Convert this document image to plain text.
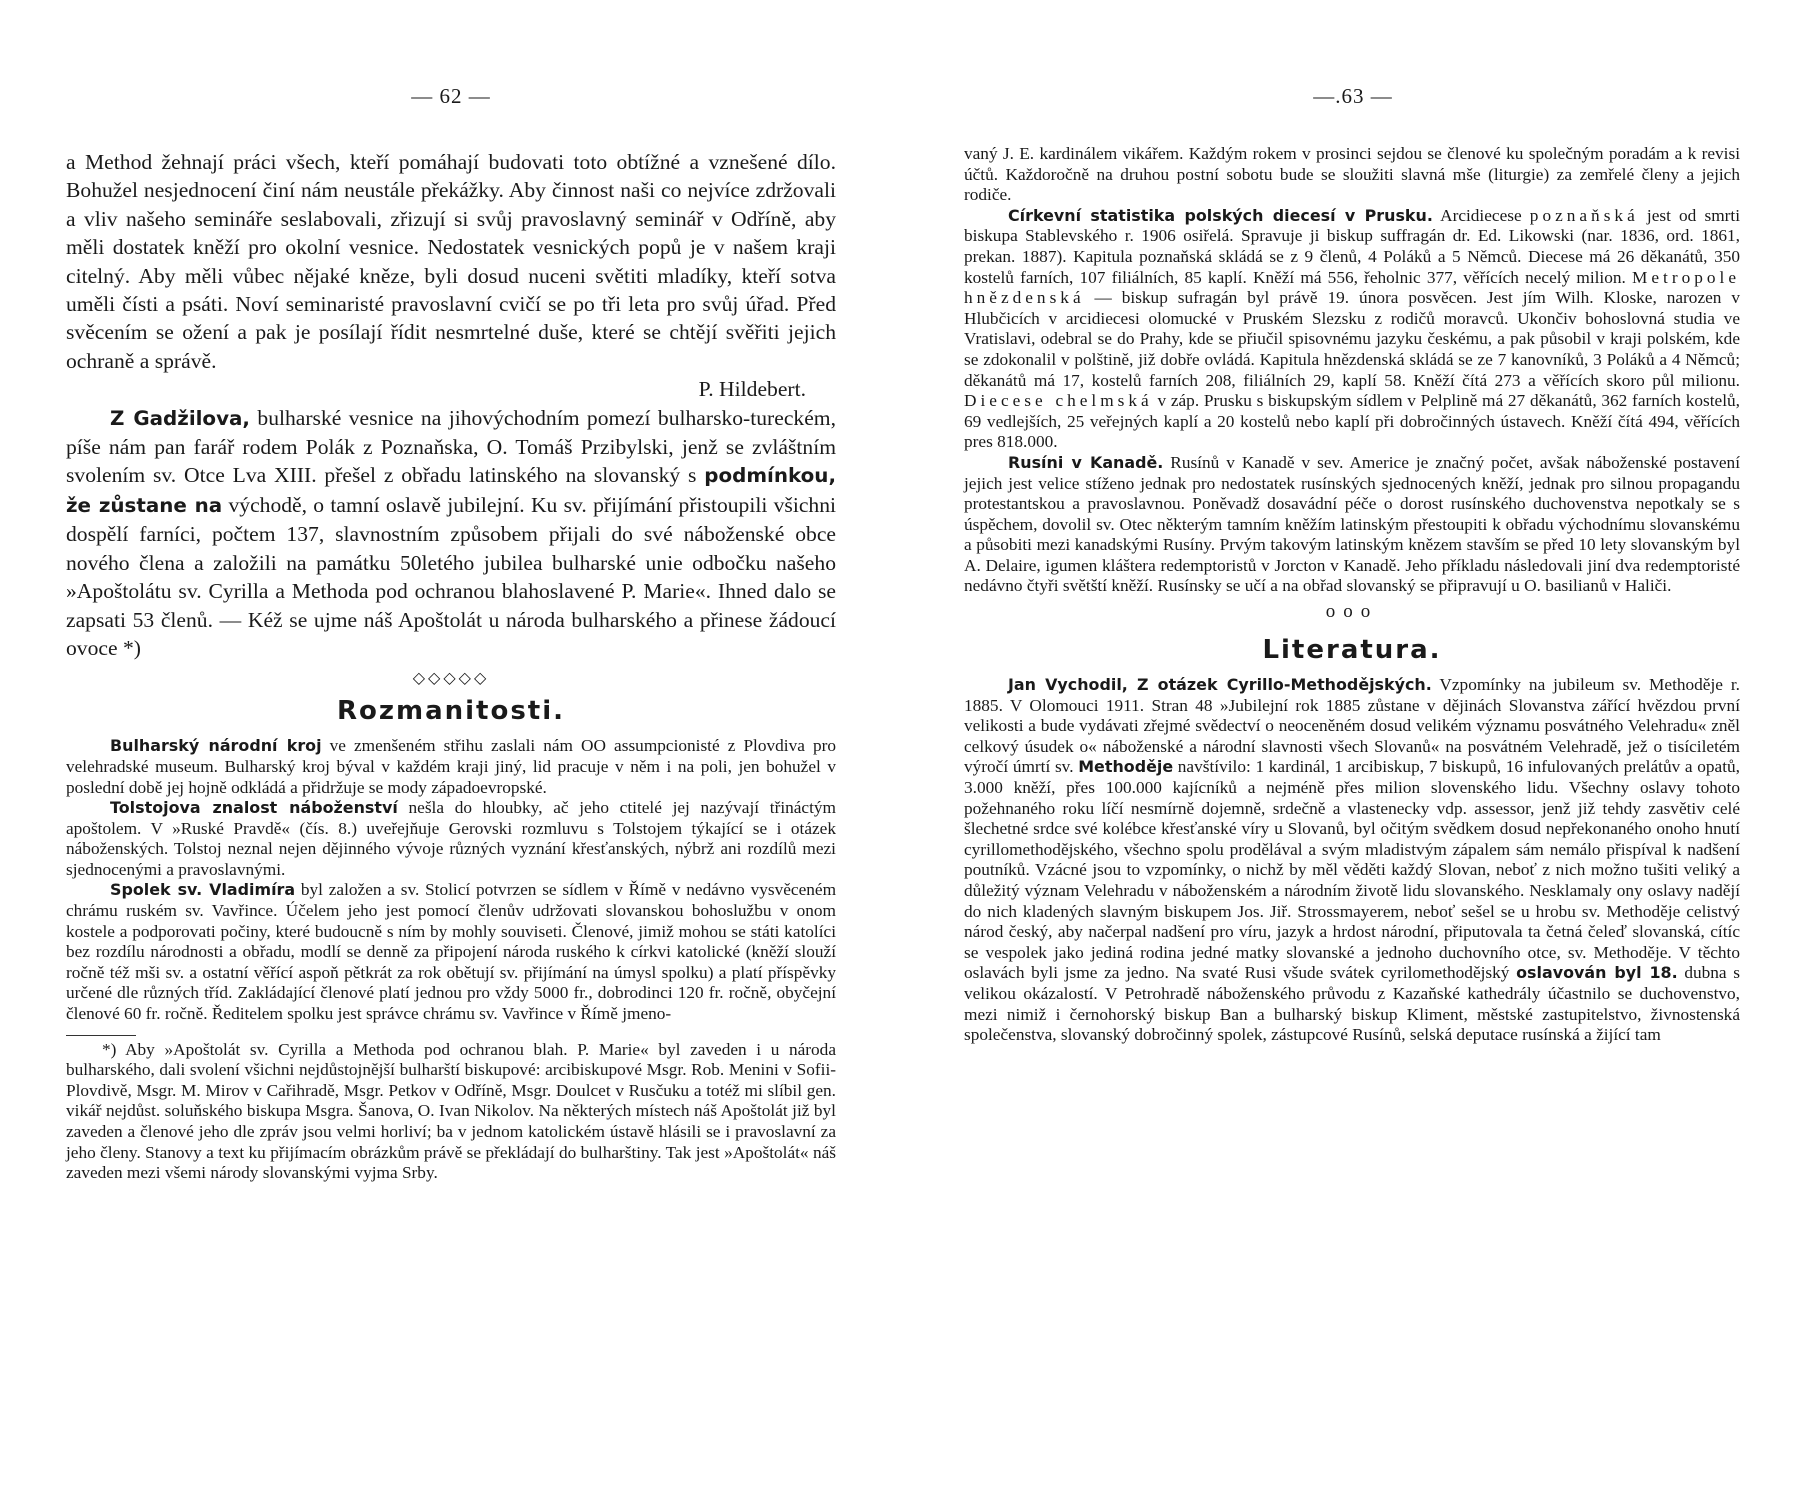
— 62 —

a Method žehnají práci všech, kteří pomáhají budovati toto obtížné a vznešené dílo. Bohužel nesjednocení činí nám neustále překážky. Aby činnost naši co nejvíce zdržovali a vliv našeho semináře seslabovali, zřizují si svůj pravoslavný seminář v Odříně, aby měli dostatek kněží pro okolní vesnice. Nedostatek vesnických popů je v našem kraji citelný. Aby měli vůbec nějaké kněze, byli dosud nuceni světiti mladíky, kteří sotva uměli čísti a psáti. Noví seminaristé pravoslavní cvičí se po tři leta pro svůj úřad. Před svěcením se ožení a pak je posílají řídit nesmrtelné duše, které se chtějí svěřiti jejich ochraně a správě.

P. Hildebert.

Z Gadžilova, bulharské vesnice na jihovýchodním pomezí bulharsko-tureckém, píše nám pan farář rodem Polák z Poznaňska, O. Tomáš Przibylski, jenž se zvláštním svolením sv. Otce Lva XIII. přešel z obřadu latinského na slovanský s podmínkou, že zůstane na východě, o tamní oslavě jubilejní. Ku sv. přijímání přistoupili všichni dospělí farníci, počtem 137, slavnostním způsobem přijali do své náboženské obce nového člena a založili na památku 50letého jubilea bulharské unie odbočku našeho »Apoštolátu sv. Cyrilla a Methoda pod ochranou blahoslavené P. Marie«. Ihned dalo se zapsati 53 členů. — Kéž se ujme náš Apoštolát u národa bulharského a přinese žádoucí ovoce *)

◇◇◇◇◇
Rozmanitosti.

Bulharský národní kroj ve zmenšeném střihu zaslali nám OO assumpcionisté z Plovdiva pro velehradské museum. Bulharský kroj býval v každém kraji jiný, lid pracuje v něm i na poli, jen bohužel v poslední době jej hojně odkládá a přidržuje se mody západoevropské.

Tolstojova znalost náboženství nešla do hloubky, ač jeho ctitelé jej nazývají třináctým apoštolem. V »Ruské Pravdě« (čís. 8.) uveřejňuje Gerovski rozmluvu s Tolstojem týkající se i otázek náboženských. Tolstoj neznal nejen dějinného vývoje různých vyznání křesťanských, nýbrž ani rozdílů mezi sjednocenými a pravoslavnými.

Spolek sv. Vladimíra byl založen a sv. Stolicí potvrzen se sídlem v Římě v nedávno vysvěceném chrámu ruském sv. Vavřince. Účelem jeho jest pomocí členův udržovati slovanskou bohoslužbu v onom kostele a podporovati počiny, které budoucně s ním by mohly souviseti. Členové, jimiž mohou se státi katolíci bez rozdílu národnosti a obřadu, modlí se denně za připojení národa ruského k církvi katolické (kněží slouží ročně též mši sv. a ostatní věřící aspoň pětkrát za rok obětují sv. přijímání na úmysl spolku) a platí příspěvky určené dle různých tříd. Zakládající členové platí jednou pro vždy 5000 fr., dobrodinci 120 fr. ročně, obyčejní členové 60 fr. ročně. Ředitelem spolku jest správce chrámu sv. Vavřince v Římě jmeno-

*) Aby »Apoštolát sv. Cyrilla a Methoda pod ochranou blah. P. Marie« byl zaveden i u národa bulharského, dali svolení všichni nejdůstojnější bulharští biskupové: arcibiskupové Msgr. Rob. Menini v Sofii-Plovdivě, Msgr. M. Mirov v Cařihradě, Msgr. Petkov v Odříně, Msgr. Doulcet v Rusčuku a totéž mi slíbil gen. vikář nejdůst. soluňského biskupa Msgra. Šanova, O. Ivan Nikolov. Na některých místech náš Apoštolát již byl zaveden a členové jeho dle zpráv jsou velmi horliví; ba v jednom katolickém ústavě hlásili se i pravoslavní za jeho členy. Stanovy a text ku přijímacím obrázkům právě se překládají do bulharštiny. Tak jest »Apoštolát« náš zaveden mezi všemi národy slovanskými vyjma Srby.

—.63 —

vaný J. E. kardinálem vikářem. Každým rokem v prosinci sejdou se členové ku společným poradám a k revisi účtů. Každoročně na druhou postní sobotu bude se sloužiti slavná mše (liturgie) za zemřelé členy a jejich rodiče.

Církevní statistika polských diecesí v Prusku. Arcidiecese poznaňská jest od smrti biskupa Stablevského r. 1906 osiřelá. Spravuje ji biskup suffragán dr. Ed. Likowski (nar. 1836, ord. 1861, prekan. 1887). Kapitula poznaňská skládá se z 9 členů, 4 Poláků a 5 Němců. Diecese má 26 děkanátů, 350 kostelů farních, 107 filiálních, 85 kaplí. Kněží má 556, řeholnic 377, věřících necelý milion. Metropole hnězdenská — biskup sufragán byl právě 19. února posvěcen. Jest jím Wilh. Kloske, narozen v Hlubčicích v arcidiecesi olomucké v Pruském Slezsku z rodičů moravců. Ukončiv bohoslovná studia ve Vratislavi, odebral se do Prahy, kde se přiučil spisovnému jazyku českému, a pak působil v kraji polském, kde se zdokonalil v polštině, již dobře ovládá. Kapitula hnězdenská skládá se ze 7 kanovníků, 3 Poláků a 4 Němců; děkanátů má 17, kostelů farních 208, filiálních 29, kaplí 58. Kněží čítá 273 a věřících skoro půl milionu. Diecese chelmská v záp. Prusku s biskupským sídlem v Pelplině má 27 děkanátů, 362 farních kostelů, 69 vedlejších, 25 veřejných kaplí a 20 kostelů nebo kaplí při dobročinných ústavech. Kněží čítá 494, věřících pres 818.000.

Rusíni v Kanadě. Rusínů v Kanadě v sev. Americe je značný počet, avšak náboženské postavení jejich jest velice stíženo jednak pro nedostatek rusínských sjednocených kněží, jednak pro silnou propagandu protestantskou a pravoslavnou. Poněvadž dosavádní péče o dorost rusínského duchovenstva nepotkaly se s úspěchem, dovolil sv. Otec některým tamním kněžím latinským přestoupiti k obřadu východnímu slovanskému a působiti mezi kanadskými Rusíny. Prvým takovým latinským knězem stavším se před 10 lety slovanským byl A. Delaire, igumen kláštera redemptoristů v Jorcton v Kanadě. Jeho příkladu následovali jiní dva redemptoristé nedávno čtyři světští kněží. Rusínsky se učí a na obřad slovanský se připravují u O. basilianů v Haliči.

ooo
Literatura.

Jan Vychodil, Z otázek Cyrillo-Methodějských. Vzpomínky na jubileum sv. Methoděje r. 1885. V Olomouci 1911. Stran 48 »Jubilejní rok 1885 zůstane v dějinách Slovanstva zářící hvězdou první velikosti a bude vydávati zřejmé svědectví o neoceněném dosud velikém významu posvátného Velehradu« zněl celkový úsudek o« náboženské a národní slavnosti všech Slovanů« na posvátném Velehradě, jež o tisíciletém výročí úmrtí sv. Methoděje navštívilo: 1 kardinál, 1 arcibiskup, 7 biskupů, 16 infulovaných prelátův a opatů, 3.000 kněží, přes 100.000 kajícníků a nejméně přes milion slovenského lidu. Všechny oslavy tohoto požehnaného roku líčí nesmírně dojemně, srdečně a vlastenecky vdp. assessor, jenž již tehdy zasvětiv celé šlechetné srdce své kolébce křesťanské víry u Slovanů, byl očitým svědkem dosud nepřekonaného onoho hnutí cyrillomethodějského, všechno spolu prodělával a svým mladistvým zápalem sám nemálo přispíval k nadšení poutníků. Vzácné jsou to vzpomínky, o nichž by měl věděti každý Slovan, neboť z nich možno tušiti veliký a důležitý význam Velehradu v náboženském a národním životě lidu slovanského. Nesklamaly ony oslavy nadějí do nich kladených slavným biskupem Jos. Jiř. Strossmayerem, neboť sešel se u hrobu sv. Methoděje celistvý národ český, aby načerpal nadšení pro víru, jazyk a hrdost národní, připutovala ta četná čeleď slovanská, cítíc se vespolek jako jediná rodina jedné matky slovanské a jednoho duchovního otce, sv. Methoděje. V těchto oslavách byli jsme za jedno. Na svaté Rusi všude svátek cyrilomethodějský oslavován byl 18. dubna s velikou okázalostí. V Petrohradě náboženského průvodu z Kazaňské kathedrály účastnilo se duchovenstvo, mezi nimiž i černohorský biskup Ban a bulharský biskup Kliment, městské zastupitelstvo, živnostenská společenstva, slovanský dobročinný spolek, zástupcové Rusínů, selská deputace rusínská a žijící tam
